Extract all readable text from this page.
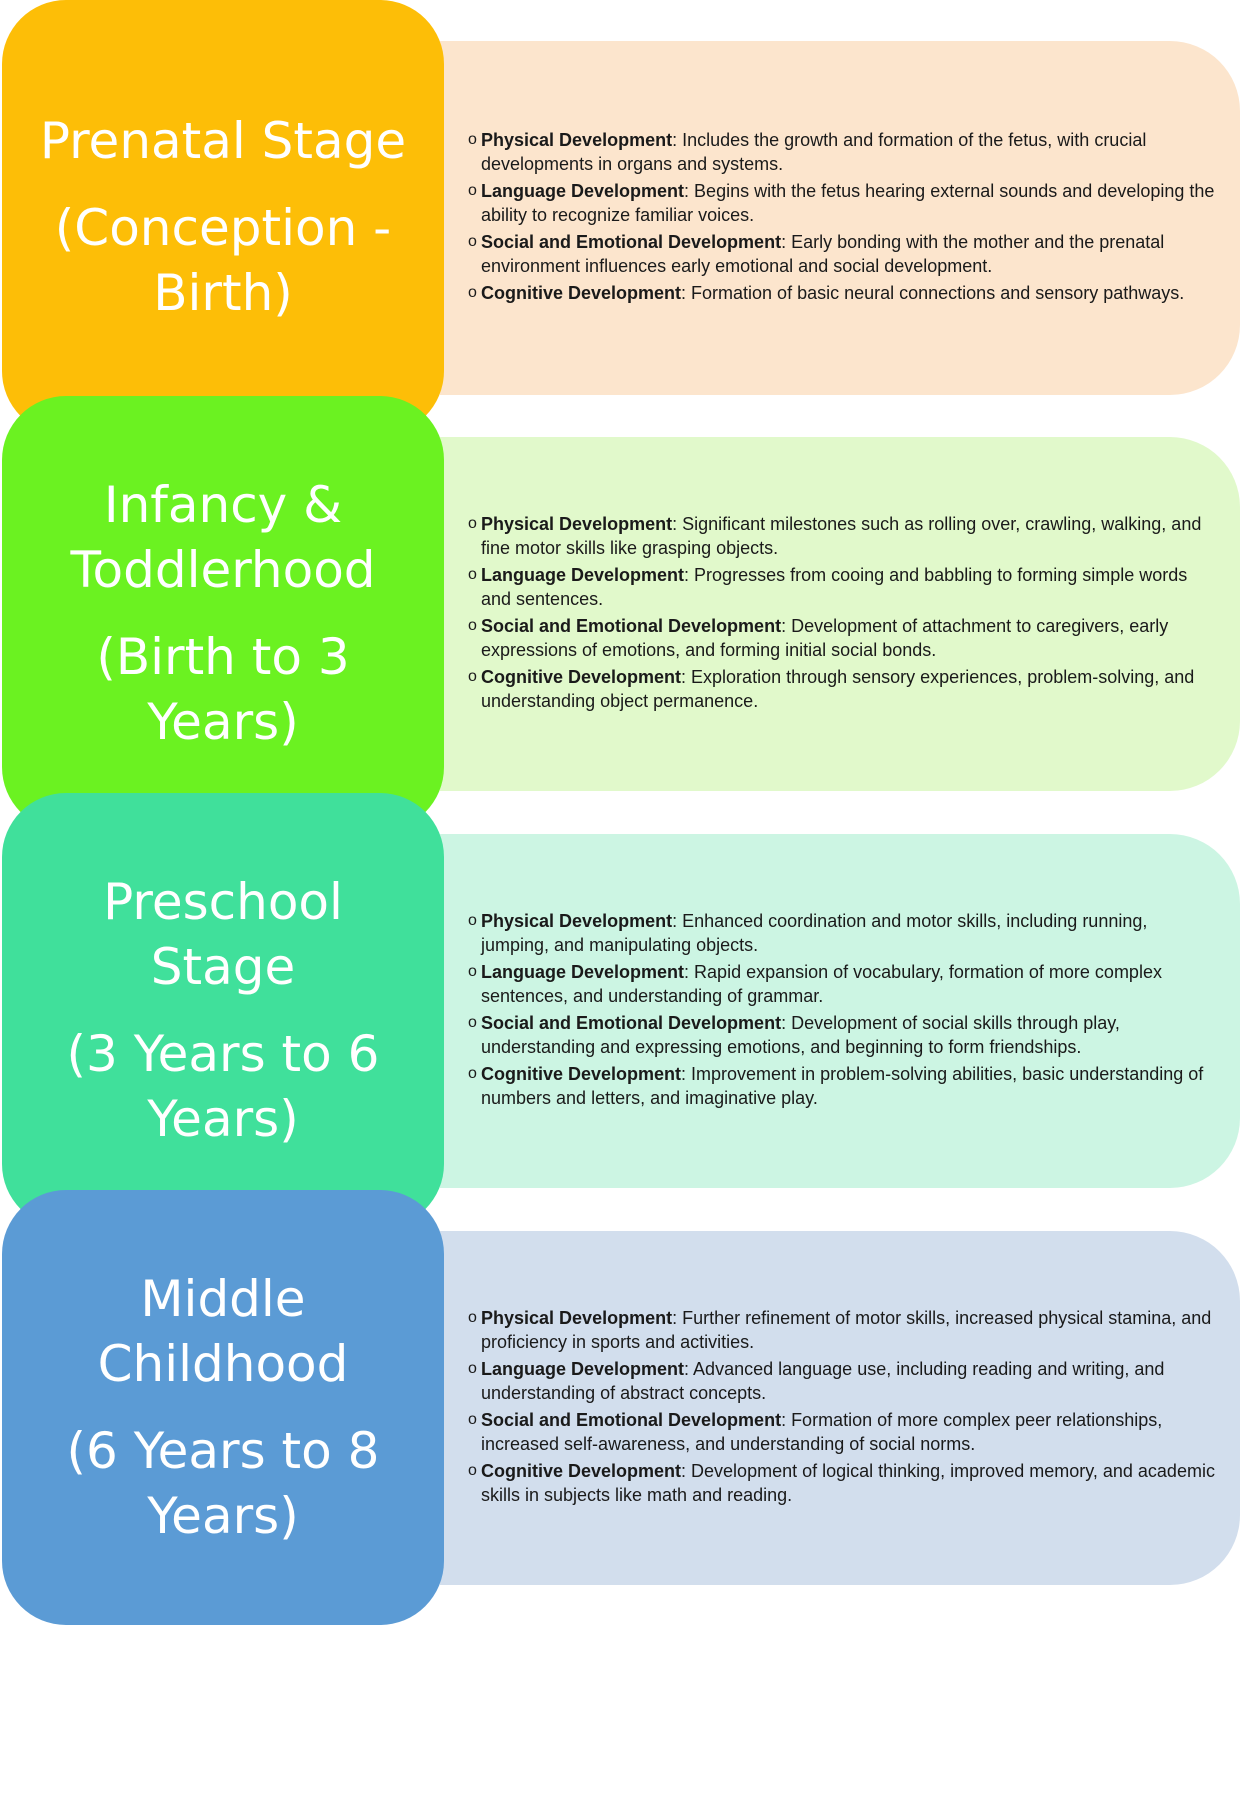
Prenatal Stage
(Conception - Birth)
o Physical Development: Includes the growth and formation of the fetus, with crucial developments in organs and systems.
o Language Development: Begins with the fetus hearing external sounds and developing the ability to recognize familiar voices.
o Social and Emotional Development: Early bonding with the mother and the prenatal environment influences early emotional and social development.
o Cognitive Development: Formation of basic neural connections and sensory pathways.
Infancy & Toddlerhood
(Birth to 3 Years)
o Physical Development: Significant milestones such as rolling over, crawling, walking, and fine motor skills like grasping objects.
o Language Development: Progresses from cooing and babbling to forming simple words and sentences.
o Social and Emotional Development: Development of attachment to caregivers, early expressions of emotions, and forming initial social bonds.
o Cognitive Development: Exploration through sensory experiences, problem-solving, and understanding object permanence.
Preschool Stage
(3 Years to 6 Years)
o Physical Development: Enhanced coordination and motor skills, including running, jumping, and manipulating objects.
o Language Development: Rapid expansion of vocabulary, formation of more complex sentences, and understanding of grammar.
o Social and Emotional Development: Development of social skills through play, understanding and expressing emotions, and beginning to form friendships.
o Cognitive Development: Improvement in problem-solving abilities, basic understanding of numbers and letters, and imaginative play.
Middle Childhood
(6 Years to 8 Years)
o Physical Development: Further refinement of motor skills, increased physical stamina, and proficiency in sports and activities.
o Language Development: Advanced language use, including reading and writing, and understanding of abstract concepts.
o Social and Emotional Development: Formation of more complex peer relationships, increased self-awareness, and understanding of social norms.
o Cognitive Development: Development of logical thinking, improved memory, and academic skills in subjects like math and reading.
